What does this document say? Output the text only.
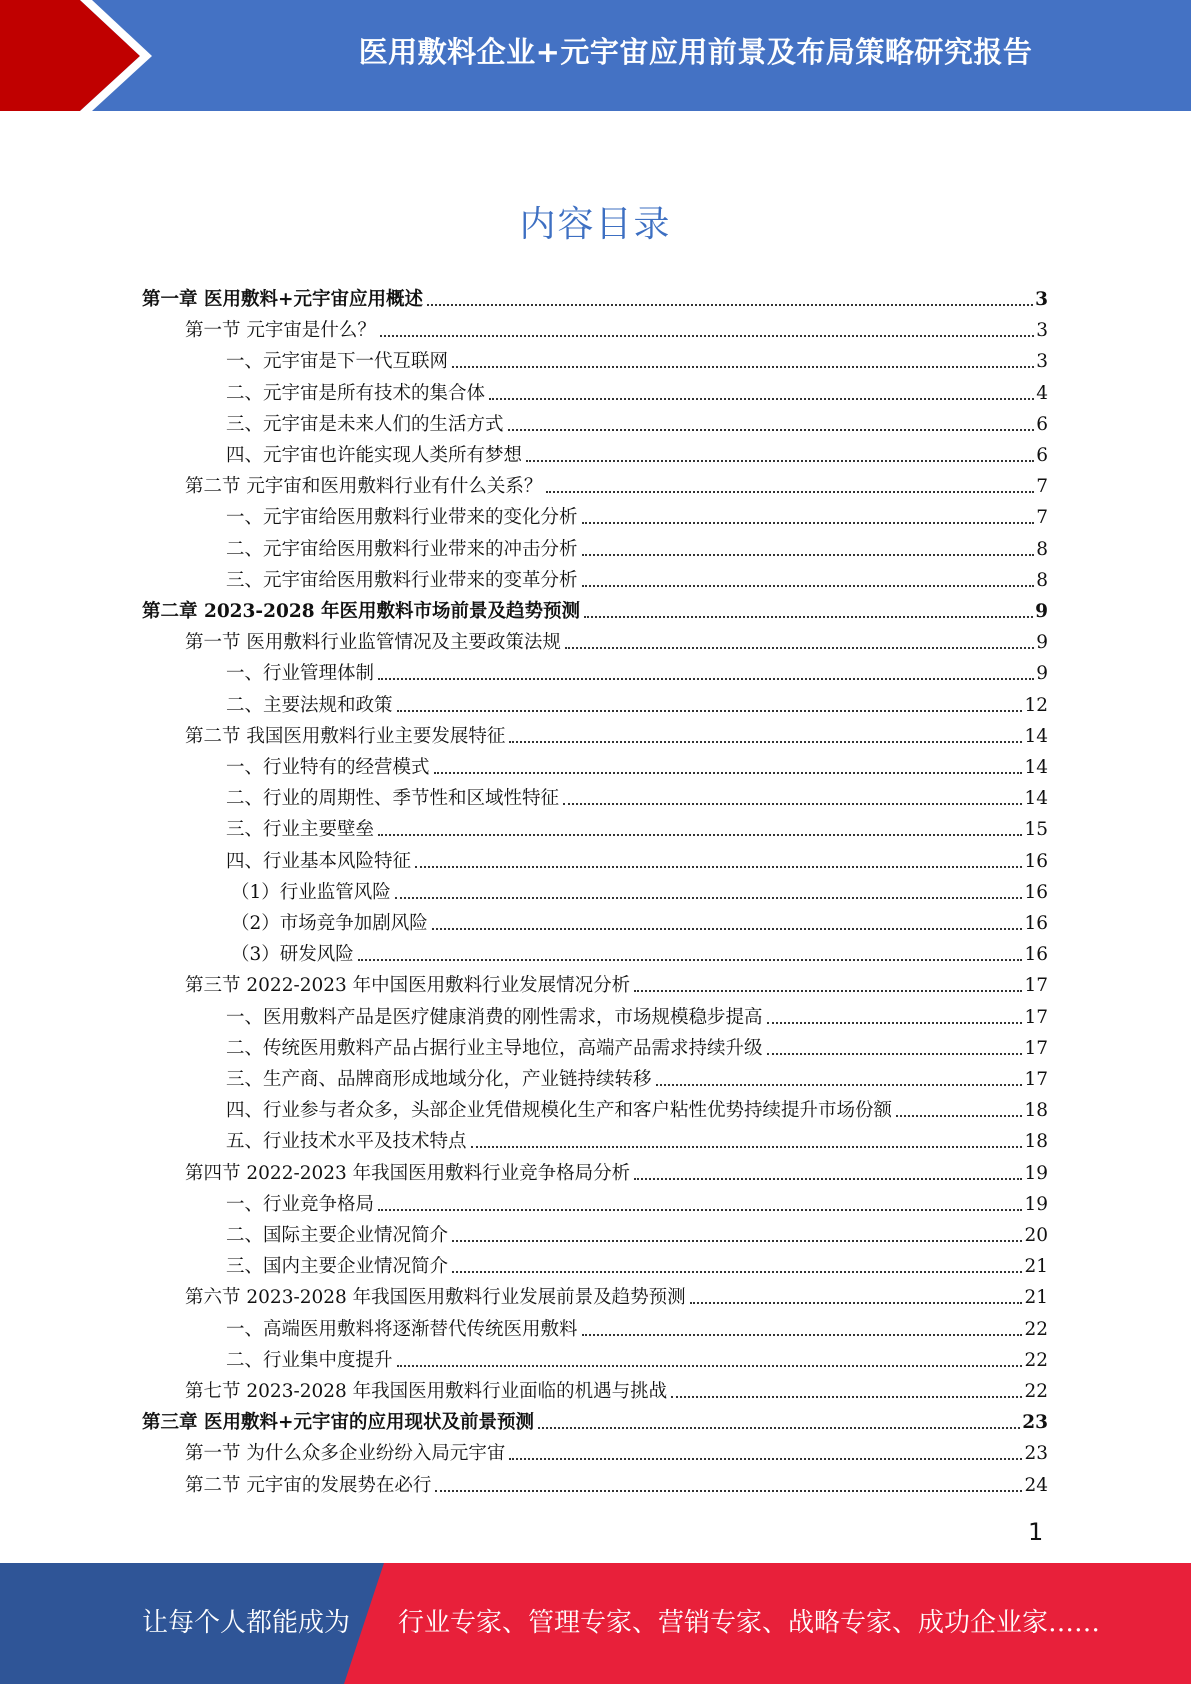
医用敷料企业+元宇宙应用前景及布局策略研究报告
内容目录
第一章 医用敷料+元宇宙应用概述	3
第一节 元宇宙是什么？	3
一、元宇宙是下一代互联网	3
二、元宇宙是所有技术的集合体	4
三、元宇宙是未来人们的生活方式	6
四、元宇宙也许能实现人类所有梦想	6
第二节 元宇宙和医用敷料行业有什么关系？	7
一、元宇宙给医用敷料行业带来的变化分析	7
二、元宇宙给医用敷料行业带来的冲击分析	8
三、元宇宙给医用敷料行业带来的变革分析	8
第二章 2023-2028 年医用敷料市场前景及趋势预测	9
第一节 医用敷料行业监管情况及主要政策法规	9
一、行业管理体制	9
二、主要法规和政策	12
第二节 我国医用敷料行业主要发展特征	14
一、行业特有的经营模式	14
二、行业的周期性、季节性和区域性特征	14
三、行业主要壁垒	15
四、行业基本风险特征	16
（1）行业监管风险	16
（2）市场竞争加剧风险	16
（3）研发风险	16
第三节 2022-2023 年中国医用敷料行业发展情况分析	17
一、医用敷料产品是医疗健康消费的刚性需求，市场规模稳步提高	17
二、传统医用敷料产品占据行业主导地位，高端产品需求持续升级	17
三、生产商、品牌商形成地域分化，产业链持续转移	17
四、行业参与者众多，头部企业凭借规模化生产和客户粘性优势持续提升市场份额	18
五、行业技术水平及技术特点	18
第四节 2022-2023 年我国医用敷料行业竞争格局分析	19
一、行业竞争格局	19
二、国际主要企业情况简介	20
三、国内主要企业情况简介	21
第六节 2023-2028 年我国医用敷料行业发展前景及趋势预测	21
一、高端医用敷料将逐渐替代传统医用敷料	22
二、行业集中度提升	22
第七节 2023-2028 年我国医用敷料行业面临的机遇与挑战	22
第三章 医用敷料+元宇宙的应用现状及前景预测	23
第一节 为什么众多企业纷纷入局元宇宙	23
第二节 元宇宙的发展势在必行	24
1
让每个人都能成为 行业专家、管理专家、营销专家、战略专家、成功企业家……
